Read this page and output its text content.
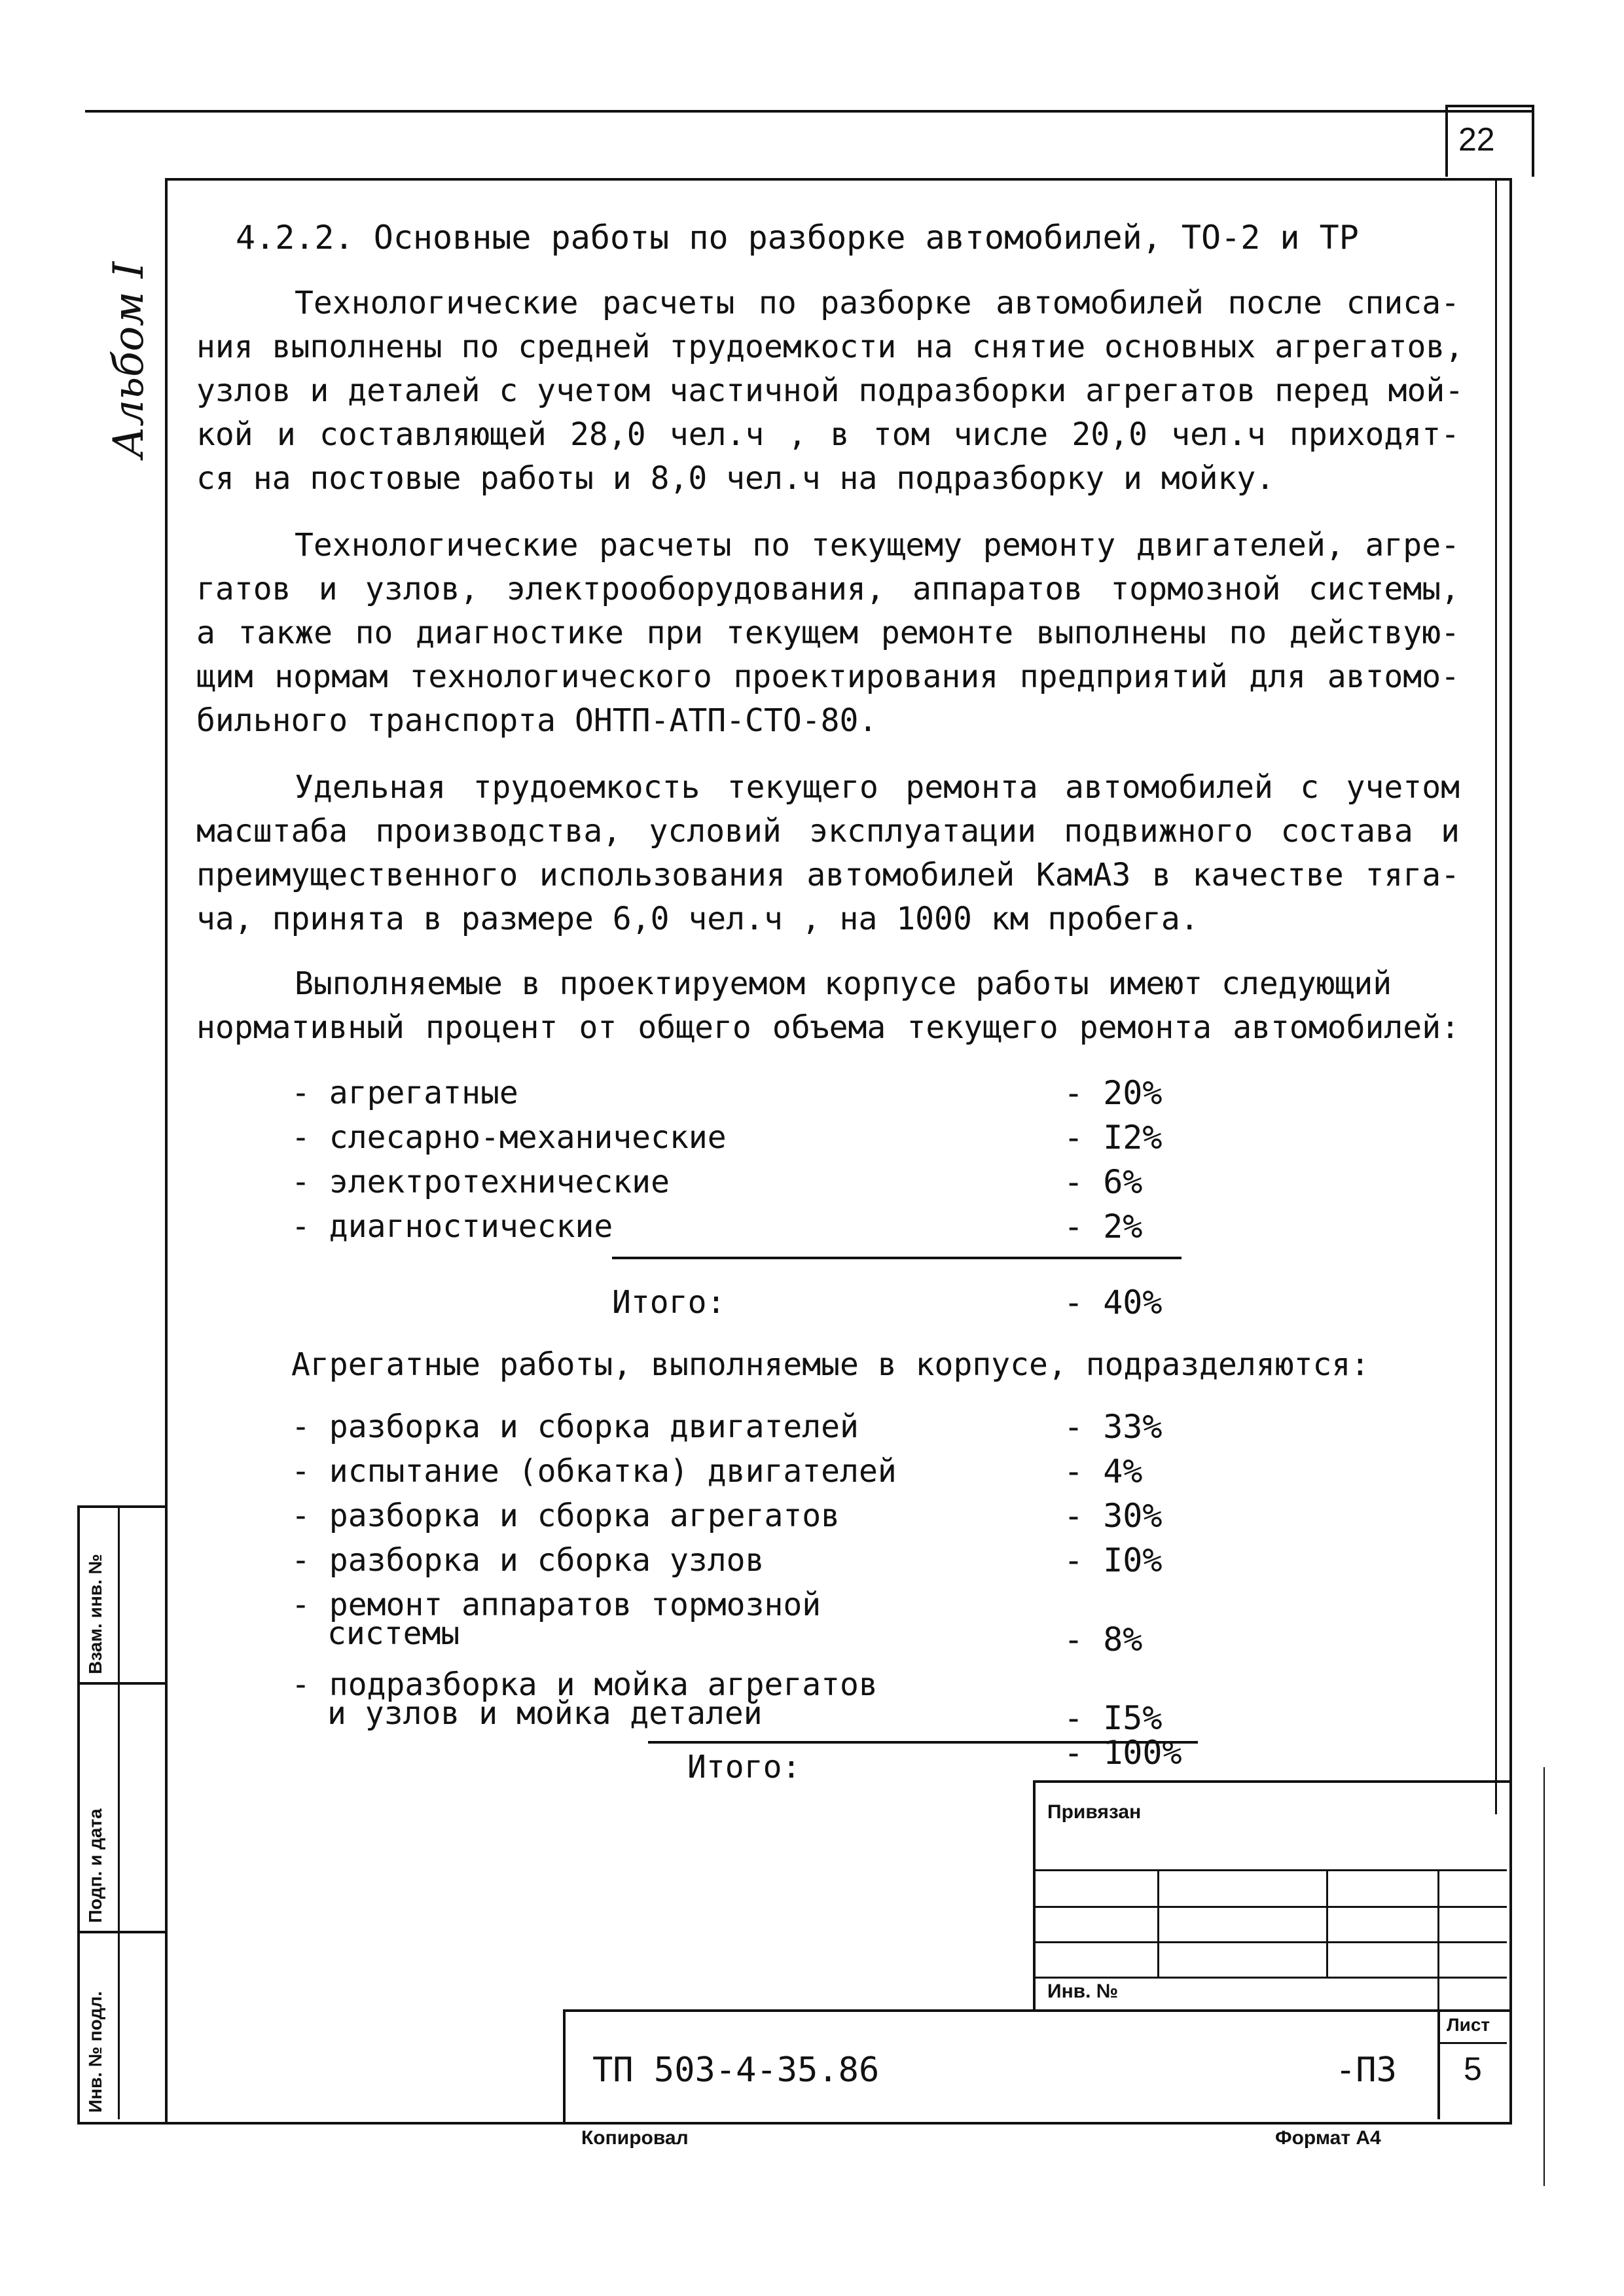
22
Альбом I
4.2.2. Основные работы по разборке автомобилей, ТО-2 и ТР
Технологические расчеты по разборке автомобилей после списа-
ния выполнены по средней трудоемкости на снятие основных агрегатов,
узлов и деталей с учетом частичной подразборки агрегатов перед мой-
кой и составляющей 28,0 чел.ч , в том числе 20,0 чел.ч приходят-
ся на постовые работы и 8,0 чел.ч на подразборку и мойку.
Технологические расчеты по текущему ремонту двигателей, агре-
гатов и узлов, электрооборудования, аппаратов тормозной системы,
а также по диагностике при текущем ремонте выполнены по действую-
щим нормам технологического проектирования предприятий для автомо-
бильного транспорта ОНТП-АТП-СТО-80.
Удельная трудоемкость текущего ремонта автомобилей с учетом
масштаба производства, условий эксплуатации подвижного состава и
преимущественного использования автомобилей КамАЗ в качестве тяга-
ча, принята в размере 6,0 чел.ч , на 1000 км пробега.
Выполняемые в проектируемом корпусе работы имеют следующий
нормативный процент от общего объема текущего ремонта автомобилей:
- агрегатные	- 20%
- слесарно-механические	- I2%
- электротехнические	- 6%
- диагностические	- 2%
Итого:	- 40%
Агрегатные работы, выполняемые в корпусе, подразделяются:
- разборка и сборка двигателей	- 33%
- испытание (обкатка) двигателей	- 4%
- разборка и сборка агрегатов	- 30%
- разборка и сборка узлов	- I0%
- ремонт аппаратов тормозной
системы	- 8%
- подразборка и мойка агрегатов
и узлов и мойка деталей	- I5%
Итого:	- 100%
Привязан
Инв. №
ТП 503-4-35.86	-ПЗ
Лист
5
Инв. № подл.
Подп. и дата
Взам. инв. №
Копировал	Формат А4
